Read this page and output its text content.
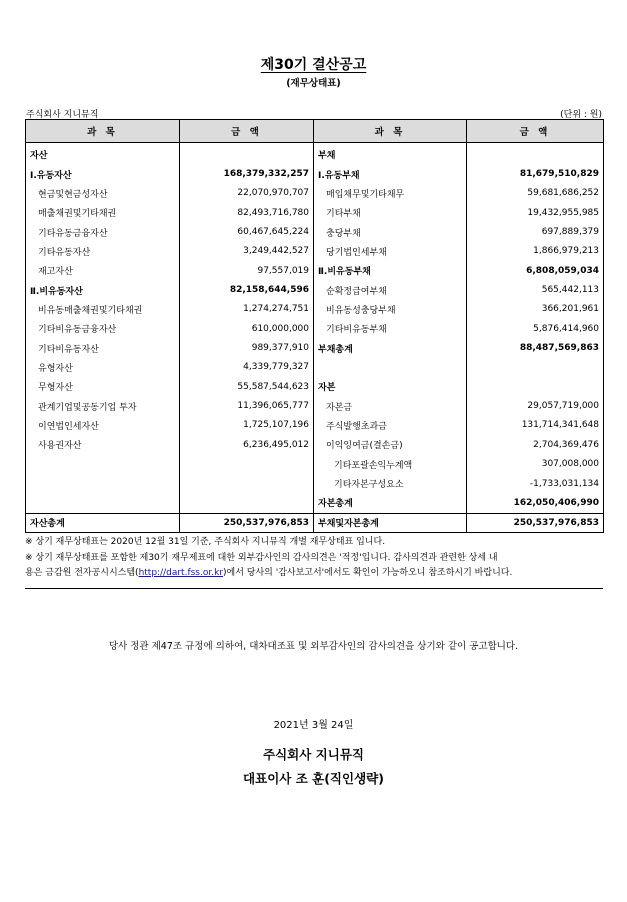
제30기 결산공고
(재무상태표)
주식회사 지니뮤직	(단위 : 원)
과 목	금 액	과 목	금 액
자산		부채	
Ⅰ.유동자산	168,379,332,257	Ⅰ.유동부채	81,679,510,829
현금및현금성자산	22,070,970,707	매입채무및기타채무	59,681,686,252
매출채권및기타채권	82,493,716,780	기타부채	19,432,955,985
기타유동금융자산	60,467,645,224	충당부채	697,889,379
기타유동자산	3,249,442,527	당기법인세부채	1,866,979,213
재고자산	97,557,019	Ⅱ.비유동부채	6,808,059,034
Ⅱ.비유동자산	82,158,644,596	순확정급여부채	565,442,113
비유동매출채권및기타채권	1,274,274,751	비유동성충당부채	366,201,961
기타비유동금융자산	610,000,000	기타비유동부채	5,876,414,960
기타비유동자산	989,377,910	부채총계	88,487,569,863
유형자산	4,339,779,327		
무형자산	55,587,544,623	자본	
관계기업및공동기업 투자	11,396,065,777	자본금	29,057,719,000
이연법인세자산	1,725,107,196	주식발행초과금	131,714,341,648
사용권자산	6,236,495,012	이익잉여금(결손금)	2,704,369,476
		기타포괄손익누계액	307,008,000
		기타자본구성요소	-1,733,031,134
		자본총계	162,050,406,990
자산총계	250,537,976,853	부채및자본총계	250,537,976,853
※ 상기 재무상태표는 2020년 12월 31일 기준, 주식회사 지니뮤직 개별 재무상태표 입니다.
※ 상기 재무상태표를 포함한 제30기 재무제표에 대한 외부감사인의 감사의견은 '적정'입니다. 감사의견과 관련한 상세 내
용은 금감원 전자공시시스템(http://dart.fss.or.kr)에서 당사의 '감사보고서'에서도 확인이 가능하오니 참조하시기 바랍니다.
당사 정관 제47조 규정에 의하여, 대차대조표 및 외부감사인의 감사의견을 상기와 같이 공고합니다.
2021년 3월 24일
주식회사 지니뮤직
대표이사 조 훈(직인생략)
